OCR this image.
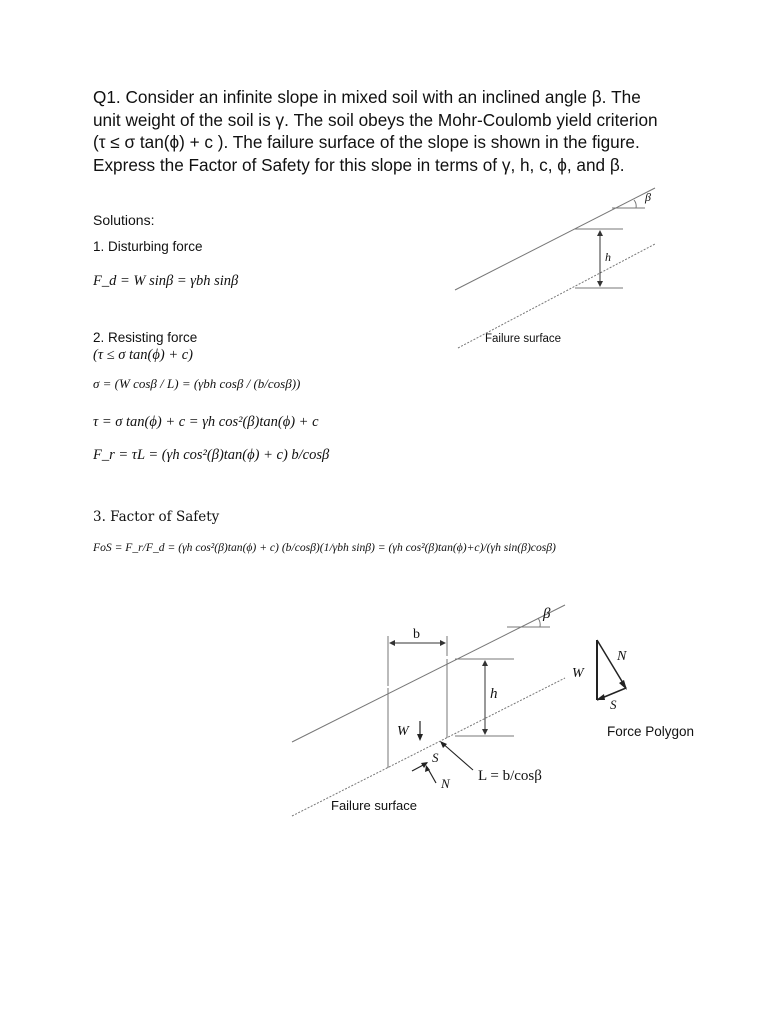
Q1. Consider an infinite slope in mixed soil with an inclined angle β. The
unit weight of the soil is γ. The soil obeys the Mohr-Coulomb yield criterion
(τ ≤ σ tan(ϕ) + c ). The failure surface of the slope is shown in the figure.
Express the Factor of Safety for this slope in terms of γ, h, c, ϕ, and β.
Solutions:
1. Disturbing force
F_d = W sinβ = γbh sinβ
2. Resisting force
(τ ≤ σ tan(ϕ) + c)
σ = (W cosβ / L) = (γbh cosβ / (b/cosβ))
τ = σ tan(ϕ) + c = γh cos²(β)tan(ϕ) + c
F_r = τL = (γh cos²(β)tan(ϕ) + c) b/cosβ
3. Factor of Safety
FoS = F_r/F_d = (γh cos²(β)tan(ϕ) + c) (b/cosβ)(1/γbh sinβ) = (γh cos²(β)tan(ϕ)+c)/(γh sin(β)cosβ)
β
h
Failure surface
b
β
h
W
S
N L = b/cosβ
Failure surface
N
W
S
Force Polygon
